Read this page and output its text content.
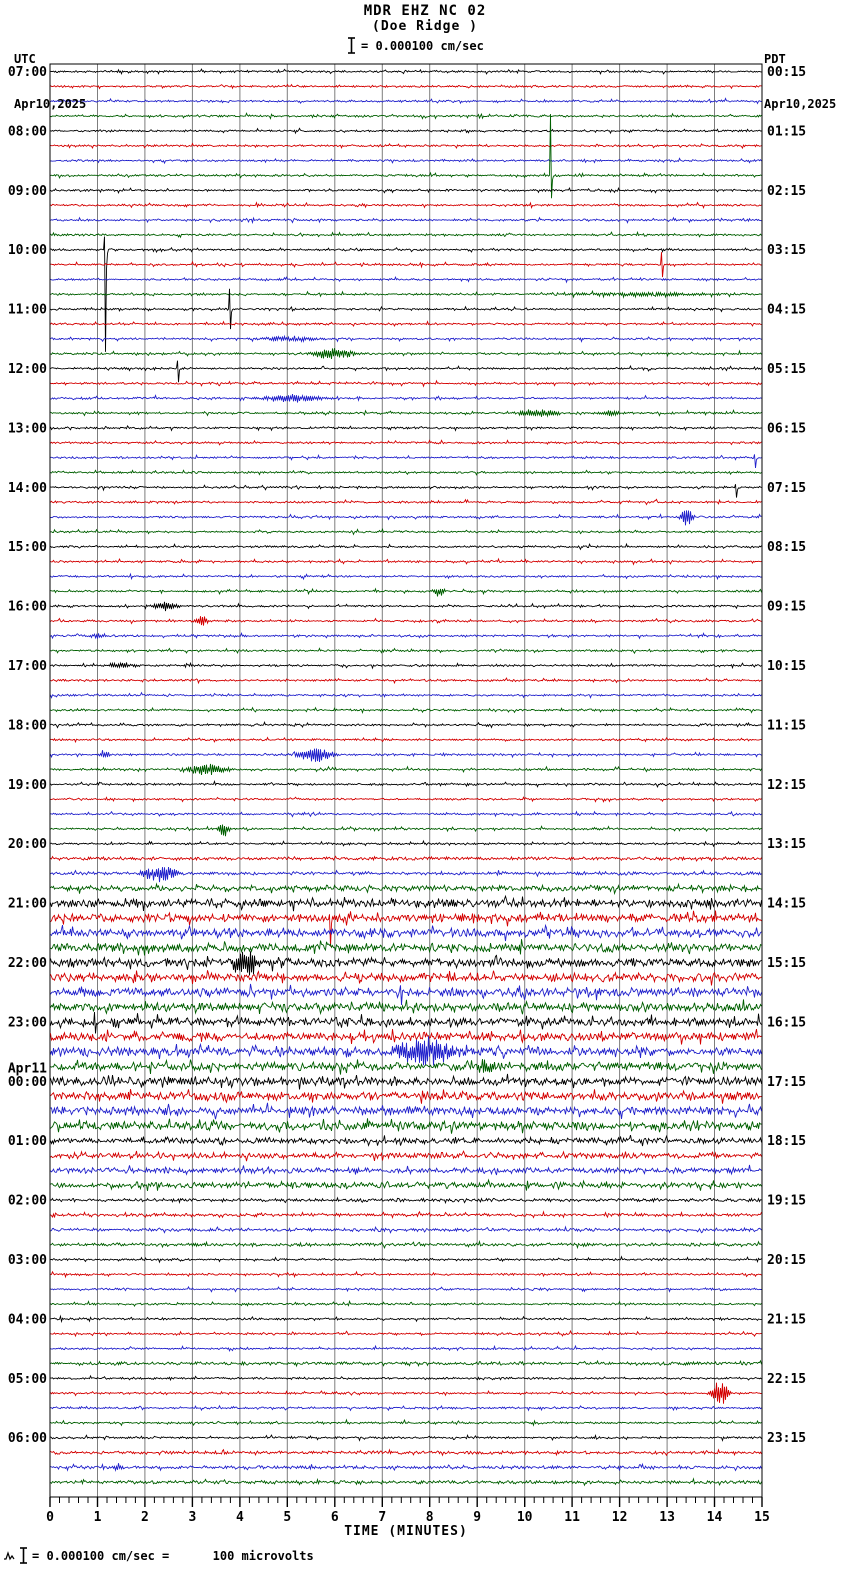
0	1	2	3	4	5	6	7	8	9	10 11 12 13 14 15
07:00	00:15
08:00	01:15
09:00	02:15
10:00	03:15
11:00	04:15
12:00	05:15
13:00	06:15
14:00	07:15
15:00	08:15
16:00	09:15
17:00	10:15
18:00	11:15
19:00	12:15
20:00	13:15
21:00	14:15
22:00	15:15
23:00	16:15
00:00	17:15
Apr11
01:00	18:15
02:00	19:15
03:00	20:15
04:00	21:15
05:00	22:15
06:00	23:15
MDR EHZ NC 02
(Doe Ridge )

UTC

Apr10,2025

PDT

Apr10,2025

= 0.000100 cm/sec
TIME (MINUTES)
= 0.000100 cm/sec =      100 microvolts
